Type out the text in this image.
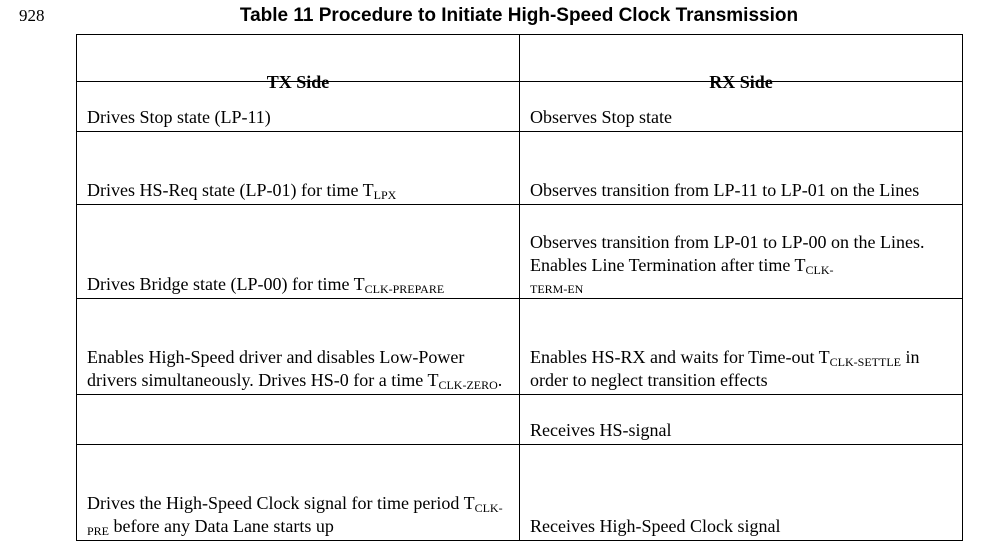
928	Table 11 Procedure to Initiate High-Speed Clock Transmission
TX Side	RX Side
Drives Stop state (LP-11)	Observes Stop state
Drives HS-Req state (LP-01) for time $T_{LPX}$	Observes transition from LP-11 to LP-01 on the Lines
Drives Bridge state (LP-00) for time $T_{CLK-PREPARE}$	Observes transition from LP-01 to LP-00 on the Lines. Enables Line Termination after time $T_{CLK-}$
TERM-EN

Enables High-Speed driver and disables Low-Power drivers simultaneously. Drives HS-0 for a time $T_{CLK-ZERO}$.	Enables HS-RX and waits for Time-out $T_{CLK-SETTLE}$ in order to neglect transition effects
	Receives HS-signal
Drives the High-Speed Clock signal for time period $T_{CLK-PRE}$ before any Data Lane starts up	Receives High-Speed Clock signal
